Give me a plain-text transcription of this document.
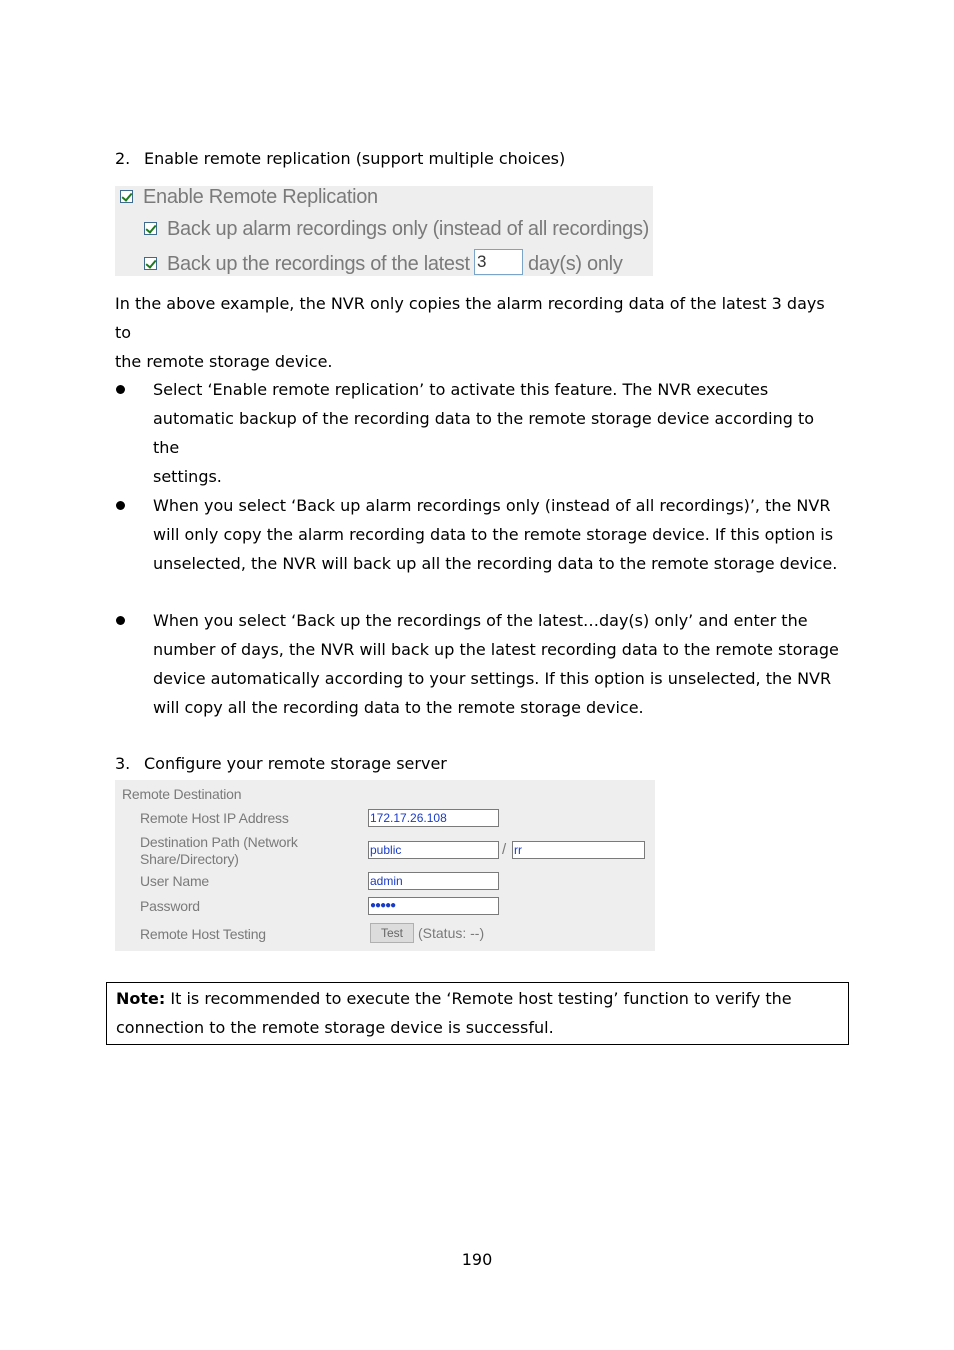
2. Enable remote replication (support multiple choices)
Enable Remote Replication
Back up alarm recordings only (instead of all recordings)
Back up the recordings of the latest 3	day(s) only
In the above example, the NVR only copies the alarm recording data of the latest 3 days to
the remote storage device.
Select ‘Enable remote replication’ to activate this feature. The NVR executes
automatic backup of the recording data to the remote storage device according to the
settings.
When you select ‘Back up alarm recordings only (instead of all recordings)’, the NVR
will only copy the alarm recording data to the remote storage device. If this option is
unselected, the NVR will back up all the recording data to the remote storage device.
When you select ‘Back up the recordings of the latest…day(s) only’ and enter the
number of days, the NVR will back up the latest recording data to the remote storage
device automatically according to your settings. If this option is unselected, the NVR
will copy all the recording data to the remote storage device.
3. Configure your remote storage server
Remote Destination
Remote Host IP Address	172.17.26.108
Destination Path (Network
Share/Directory)
public	/ rr
User Name	admin
Password	●●●●●
Remote Host Testing	Test	(Status: --)
Note: It is recommended to execute the ‘Remote host testing’ function to verify the
connection to the remote storage device is successful.
190
